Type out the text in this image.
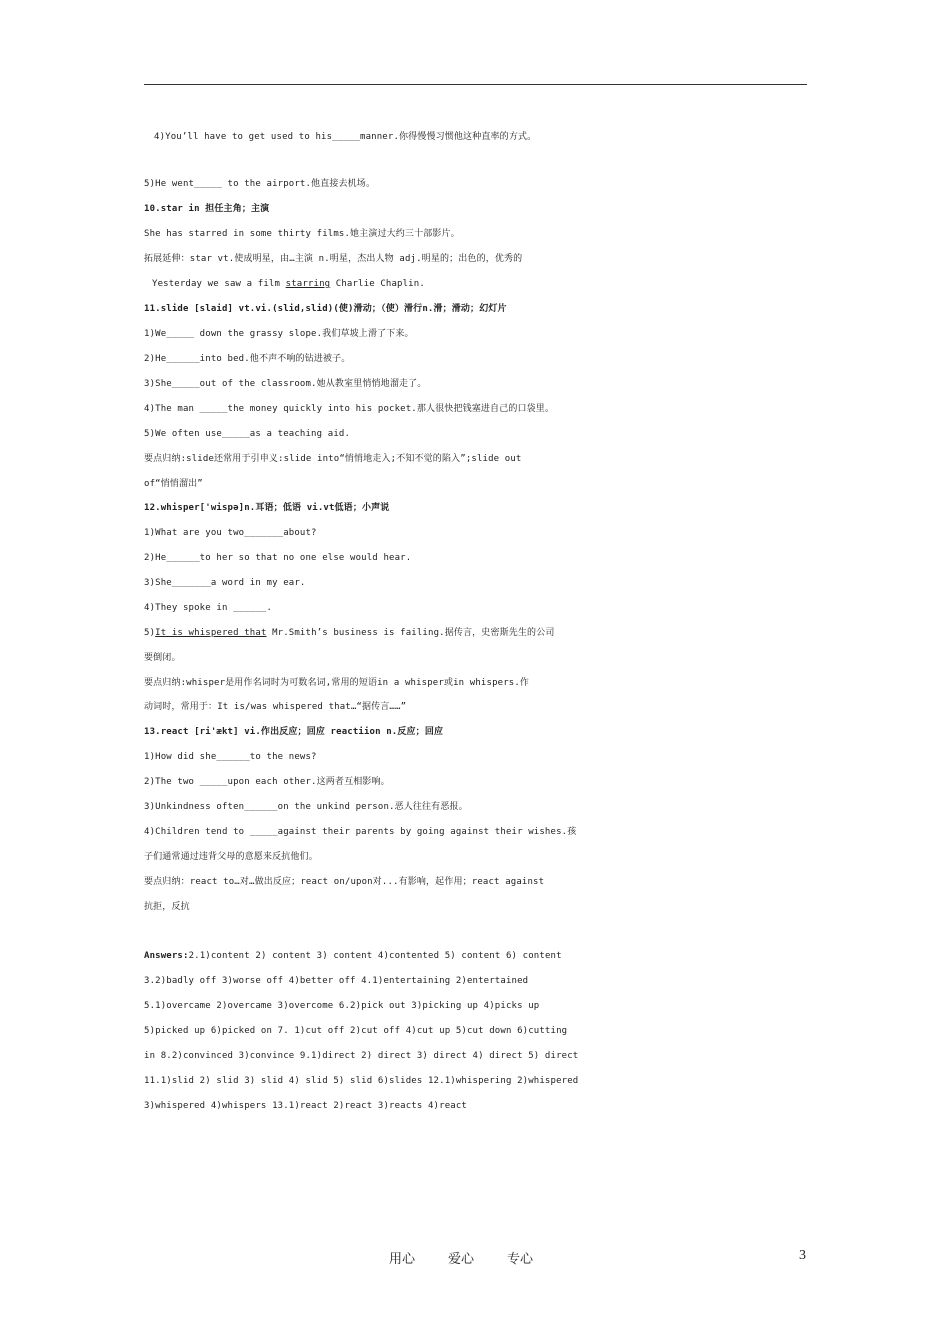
4)You’ll have to get used to his_____manner.你得慢慢习惯他这种直率的方式。
5)He went_____ to the airport.他直接去机场。
10.star in 担任主角；主演
She has starred in some thirty films.她主演过大约三十部影片。
拓展延伸：star vt.使成明星，由…主演 n.明星，杰出人物 adj.明星的；出色的，优秀的
Yesterday we saw a film starring Charlie Chaplin.
11.slide [slaid] vt.vi.(slid,slid)(使)滑动；（使）滑行n.滑；滑动；幻灯片
1)We_____ down the grassy slope.我们草坡上滑了下来。
2)He______into bed.他不声不响的钻进被子。
3)She_____out of the classroom.她从教室里悄悄地溜走了。
4)The man _____the money quickly into his pocket.那人很快把钱塞进自己的口袋里。
5)We often use_____as a teaching aid.
要点归纳:slide还常用于引申义:slide into“悄悄地走入;不知不觉的陷入”;slide out
of“悄悄溜出”
12.whisper['wispə]n.耳语；低语 vi.vt低语；小声说
1)What are you two_______about?
2)He______to her so that no one else would hear.
3)She_______a word in my ear.
4)They spoke in ______.
5)It is whispered that Mr.Smith’s business is failing.据传言，史密斯先生的公司
要倒闭。
要点归纳:whisper是用作名词时为可数名词,常用的短语in a whisper或in whispers.作
动词时，常用于：It is/was whispered that…“据传言……”
13.react [ri'ækt] vi.作出反应；回应 reactiion n.反应；回应
1)How did she______to the news?
2)The two _____upon each other.这两者互相影响。
3)Unkindness often______on the unkind person.恶人往往有恶报。
4)Children tend to _____against their parents by going against their wishes.孩
子们通常通过违背父母的意愿来反抗他们。
要点归纳：react to…对…做出反应；react on/upon对...有影响，起作用；react against
抗拒，反抗
Answers:2.1)content 2) content 3) content 4)contented 5) content 6) content
3.2)badly off 3)worse off 4)better off 4.1)entertaining 2)entertained
5.1)overcame 2)overcame 3)overcome 6.2)pick out 3)picking up 4)picks up
5)picked up 6)picked on 7. 1)cut off 2)cut off 4)cut up 5)cut down 6)cutting
in 8.2)convinced 3)convince 9.1)direct 2) direct 3) direct 4) direct 5) direct
11.1)slid 2) slid 3) slid 4) slid 5) slid 6)slides 12.1)whispering 2)whispered
3)whispered 4)whispers 13.1)react 2)react 3)reacts 4)react
用心	爱心	专心	3
